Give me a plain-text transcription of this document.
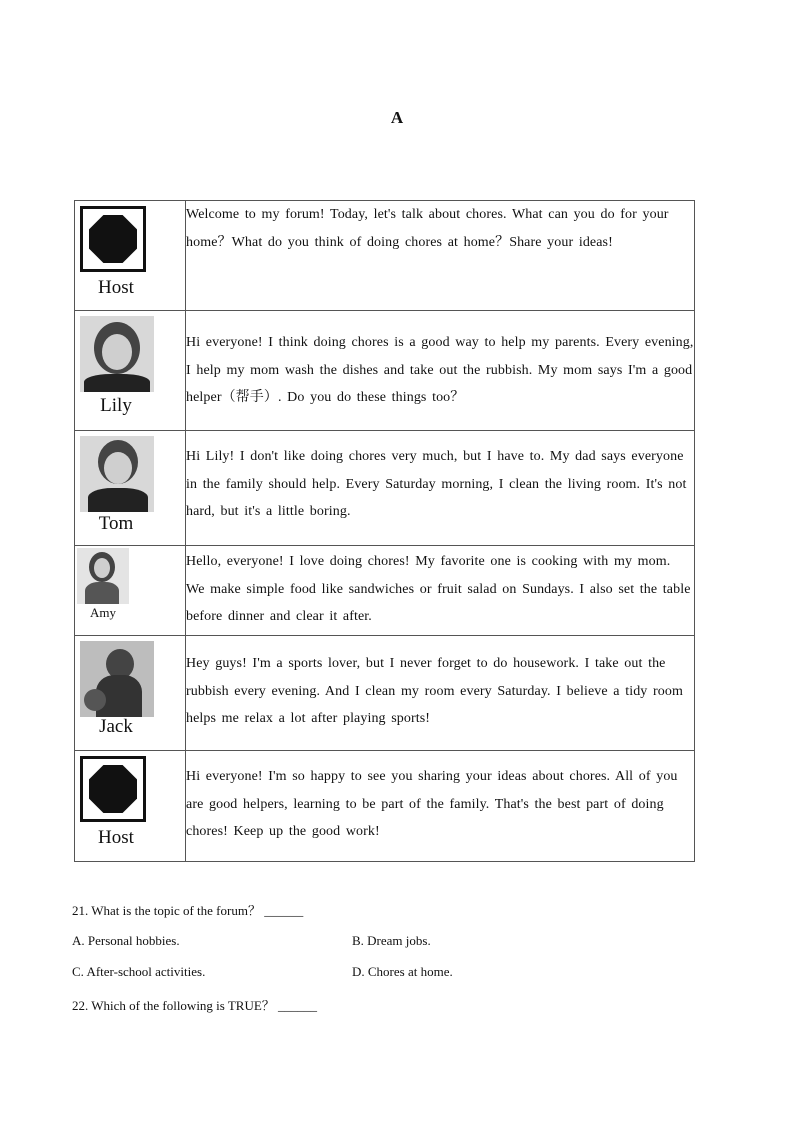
A
Host	Welcome to my forum! Today, let's talk about chores. What can you do for your home？What do you think of doing chores at home？Share your ideas!

Lily	Hi everyone! I think doing chores is a good way to help my parents. Every evening, I help my mom wash the dishes and take out the rubbish. My mom says I'm a good helper（帮手）. Do you do these things too？

Tom	Hi Lily! I don't like doing chores very much, but I have to. My dad says everyone in the family should help. Every Saturday morning, I clean the living room. It's not hard, but it's a little boring.

Amy	Hello, everyone! I love doing chores! My favorite one is cooking with my mom. We make simple food like sandwiches or fruit salad on Sundays. I also set the table before dinner and clear it after.

Jack	Hey guys! I'm a sports lover, but I never forget to do housework. I take out the rubbish every evening. And I clean my room every Saturday. I believe a tidy room helps me relax a lot after playing sports!

Host	Hi everyone! I'm so happy to see you sharing your ideas about chores. All of you are good helpers, learning to be part of the family. That's the best part of doing chores! Keep up the good work!
21. What is the topic of the forum？ ______
A. Personal hobbies.	B. Dream jobs.
C. After-school activities.	D. Chores at home.
22. Which of the following is TRUE？ ______
